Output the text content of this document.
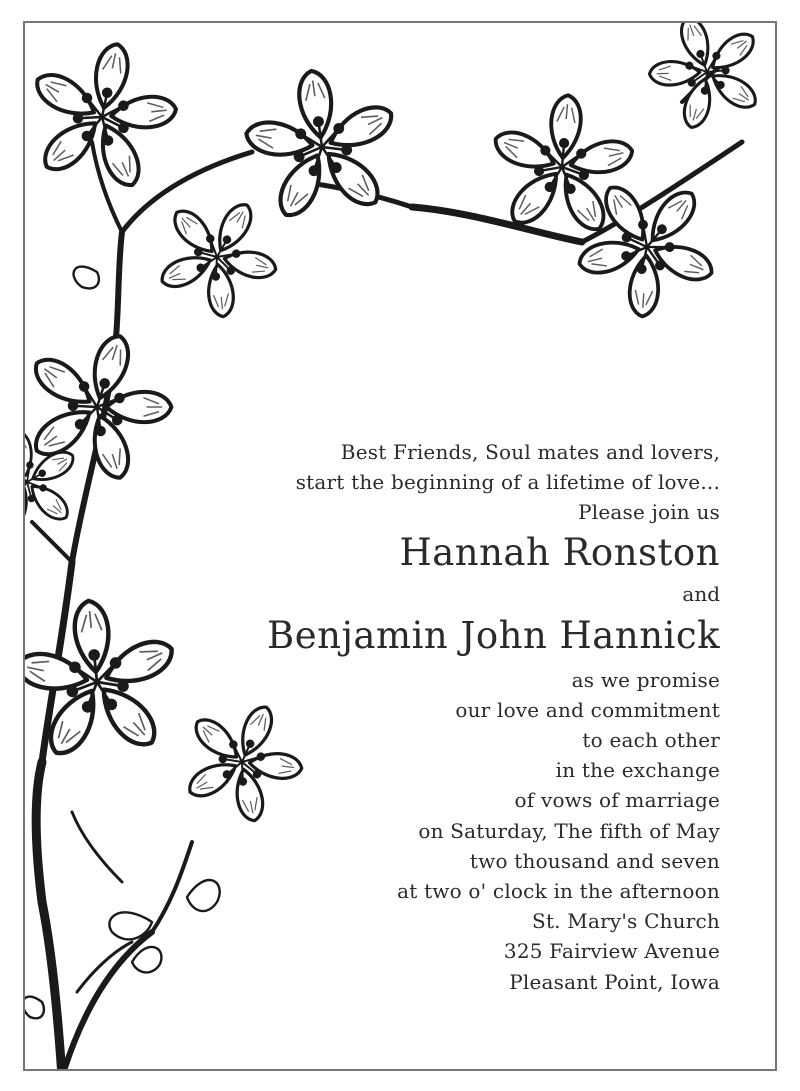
Best Friends, Soul mates and lovers,
start the beginning of a lifetime of love...
Please join us
Hannah Ronston
and
Benjamin John Hannick
as we promise
our love and commitment
to each other
in the exchange
of vows of marriage
on Saturday, The fifth of May
two thousand and seven
at two o' clock in the afternoon
St. Mary's Church
325 Fairview Avenue
Pleasant Point, Iowa
